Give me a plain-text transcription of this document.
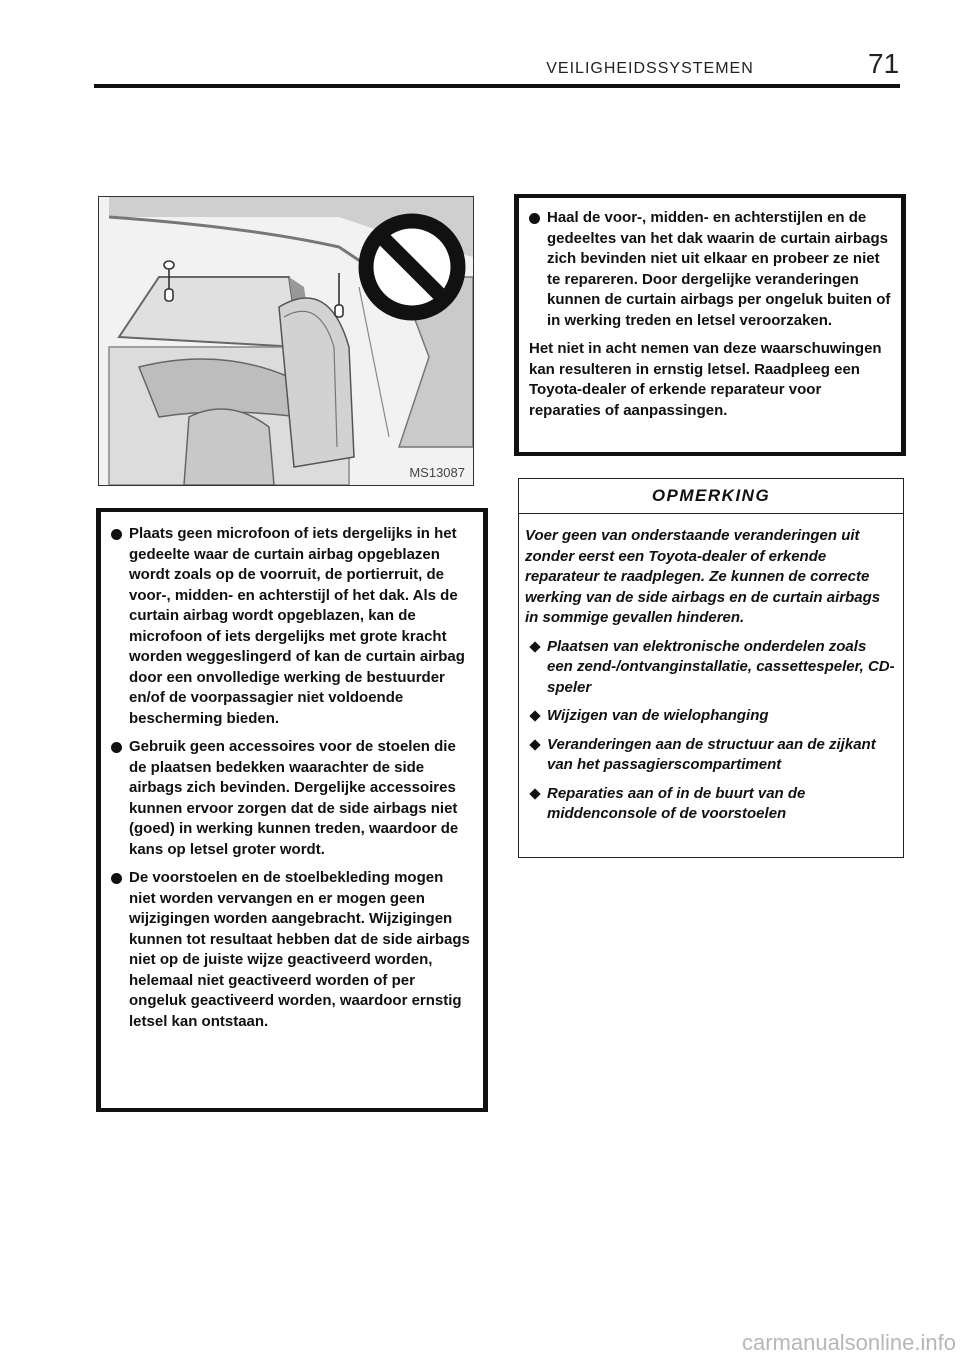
VEILIGHEIDSSYSTEMEN	71
MS13087
Plaats geen microfoon of iets dergelijks in het gedeelte waar de curtain airbag opgeblazen wordt zoals op de voorruit, de portierruit, de voor-, midden- en achterstijl of het dak. Als de curtain airbag wordt opgeblazen, kan de microfoon of iets dergelijks met grote kracht worden weggeslingerd of kan de curtain airbag door een onvolledige werking de bestuurder en/of de voorpassagier niet voldoende bescherming bieden.
Gebruik geen accessoires voor de stoelen die de plaatsen bedekken waarachter de side airbags zich bevinden. Dergelijke accessoires kunnen ervoor zorgen dat de side airbags niet (goed) in werking kunnen treden, waardoor de kans op letsel groter wordt.
De voorstoelen en de stoelbekleding mogen niet worden vervangen en er mogen geen wijzigingen worden aangebracht. Wijzigingen kunnen tot resultaat hebben dat de side airbags niet op de juiste wijze geactiveerd worden, helemaal niet geactiveerd worden of per ongeluk geactiveerd worden, waardoor ernstig letsel kan ontstaan.
Haal de voor-, midden- en achterstijlen en de gedeeltes van het dak waarin de curtain airbags zich bevinden niet uit elkaar en probeer ze niet te repareren. Door dergelijke veranderingen kunnen de curtain airbags per ongeluk buiten of in werking treden en letsel veroorzaken.
Het niet in acht nemen van deze waarschuwingen kan resulteren in ernstig letsel. Raadpleeg een Toyota-dealer of erkende reparateur voor reparaties of aanpassingen.
OPMERKING
Voer geen van onderstaande veranderingen uit zonder eerst een Toyota-dealer of erkende reparateur te raadplegen. Ze kunnen de correcte werking van de side airbags en de curtain airbags in sommige gevallen hinderen.
Plaatsen van elektronische onderdelen zoals een zend-/ontvanginstallatie, cassettespeler, CD-speler
Wijzigen van de wielophanging
Veranderingen aan de structuur aan de zijkant van het passagierscompartiment
Reparaties aan of in de buurt van de middenconsole of de voorstoelen
carmanualsonline.info
